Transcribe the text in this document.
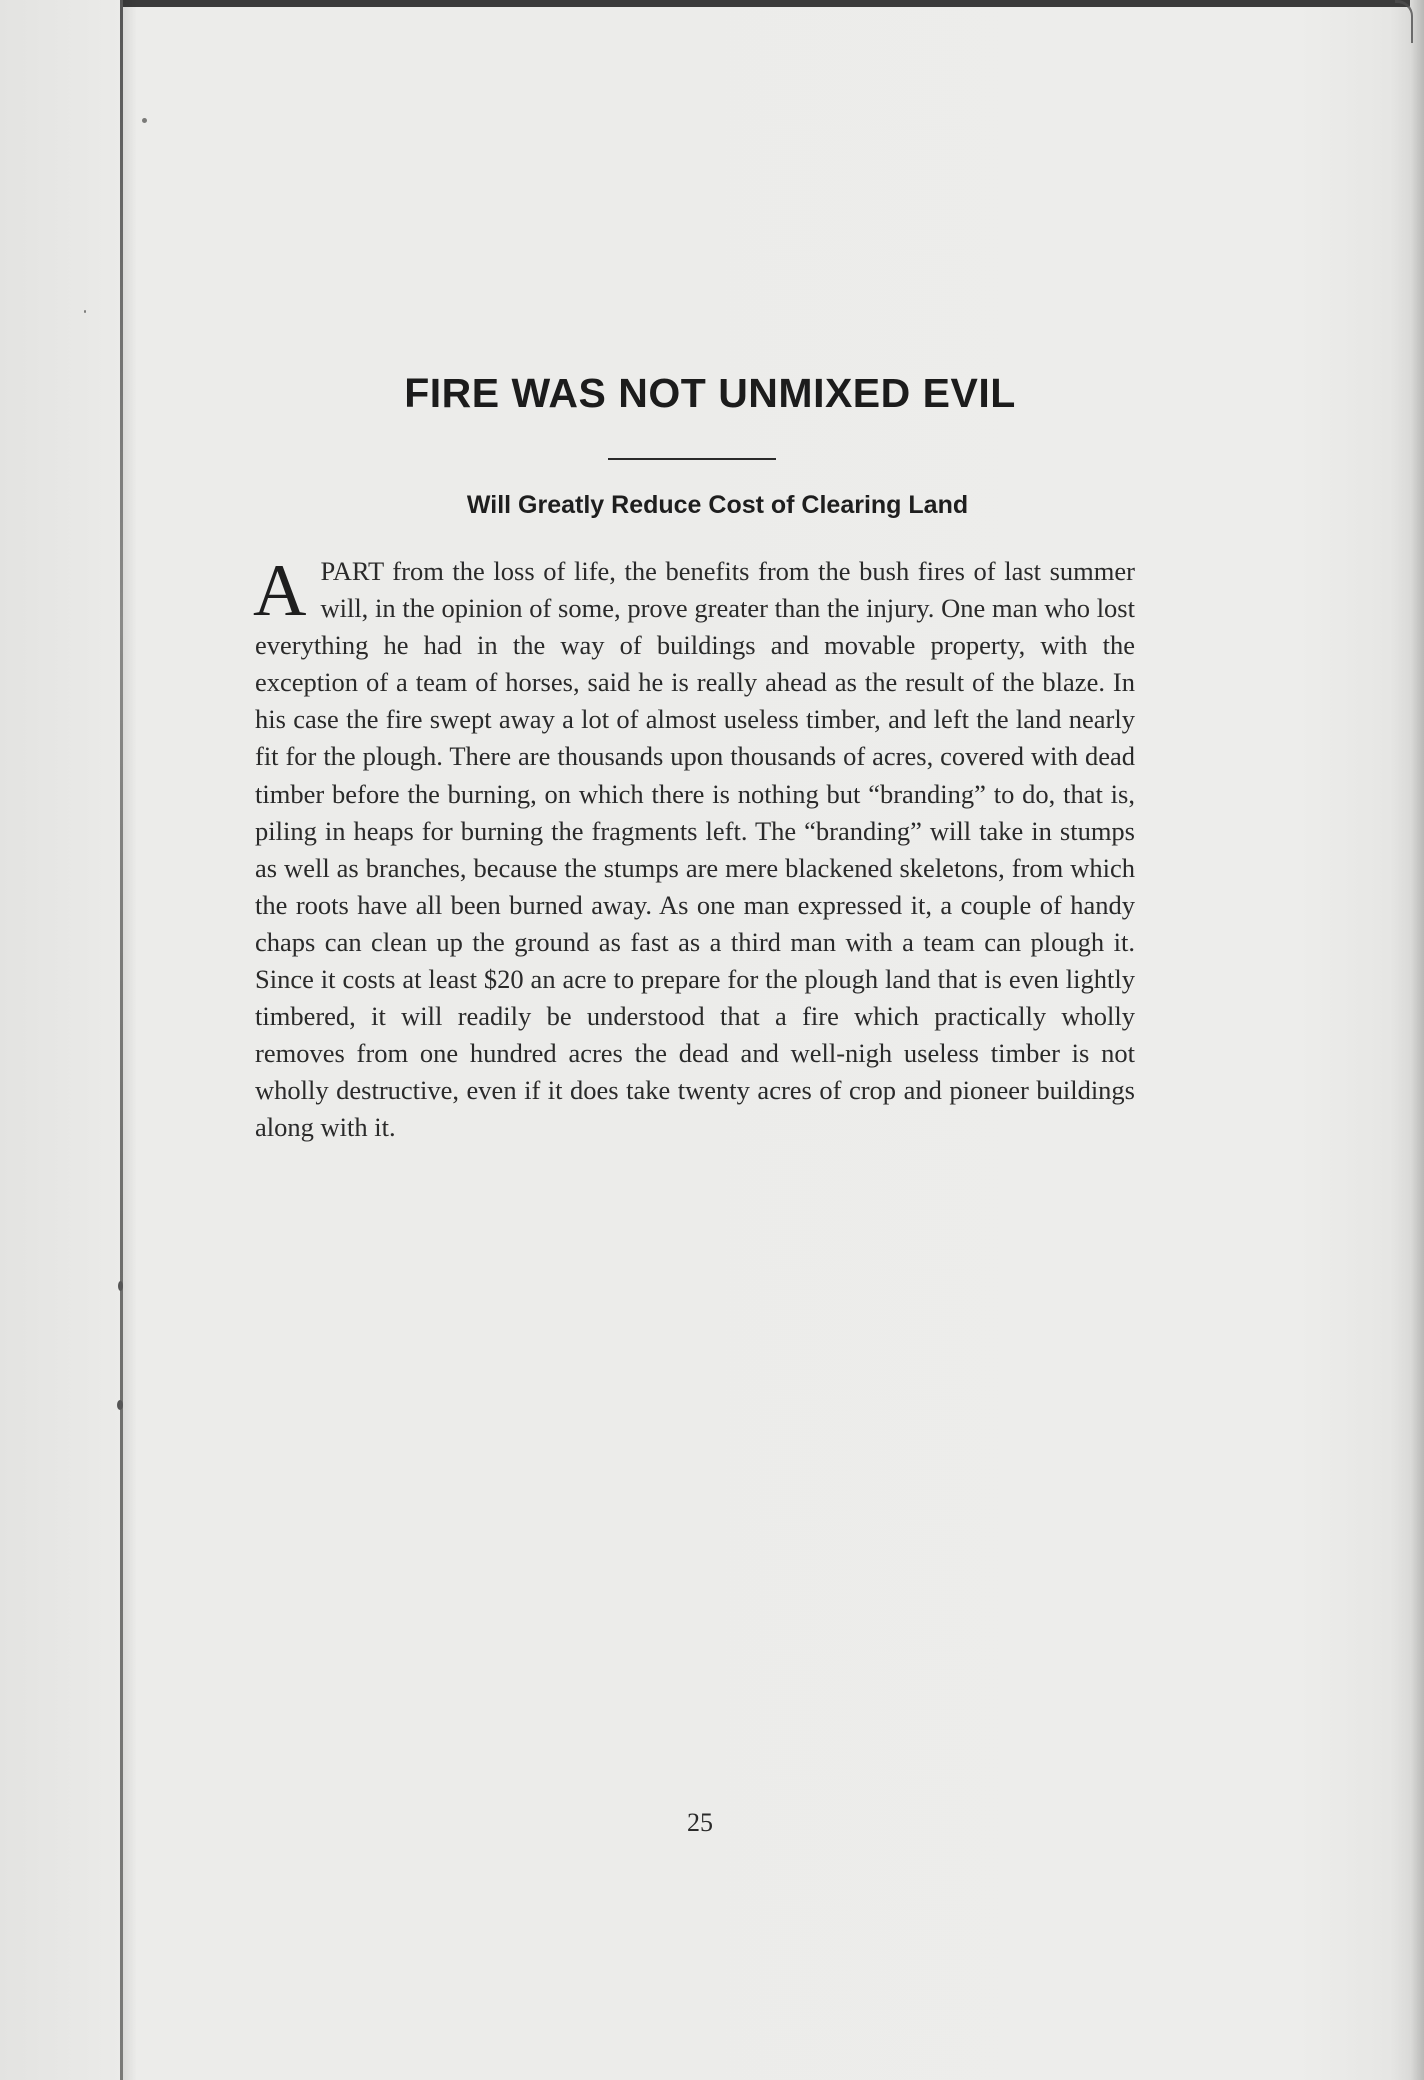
FIRE WAS NOT UNMIXED EVIL
Will Greatly Reduce Cost of Clearing Land

APART from the loss of life, the benefits from the bush fires of last summer will, in the opinion of some, prove greater than the injury. One man who lost everything he had in the way of buildings and movable property, with the exception of a team of horses, said he is really ahead as the result of the blaze. In his case the fire swept away a lot of almost useless timber, and left the land nearly fit for the plough. There are thousands upon thousands of acres, covered with dead timber before the burning, on which there is nothing but “branding” to do, that is, piling in heaps for burning the fragments left. The “branding” will take in stumps as well as branches, because the stumps are mere blackened skeletons, from which the roots have all been burned away. As one man expressed it, a couple of handy chaps can clean up the ground as fast as a third man with a team can plough it. Since it costs at least $20 an acre to prepare for the plough land that is even lightly timbered, it will readily be understood that a fire which practically wholly removes from one hundred acres the dead and well-nigh useless timber is not wholly destructive, even if it does take twenty acres of crop and pioneer buildings along with it.

25
